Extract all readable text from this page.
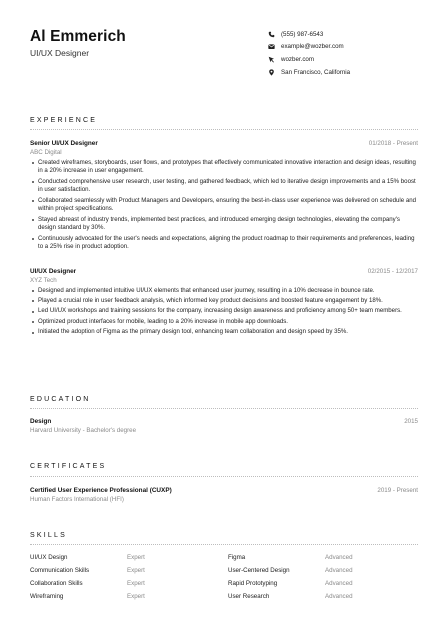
Al Emmerich
UI/UX Designer
(555) 987-6543
example@wozber.com
wozber.com
San Francisco, California
EXPERIENCE
Senior UI/UX Designer	01/2018 - Present
ABC Digital
Created wireframes, storyboards, user flows, and prototypes that effectively communicated innovative interaction and design ideas, resulting in a 20% increase in user engagement.
Conducted comprehensive user research, user testing, and gathered feedback, which led to iterative design improvements and a 15% boost in user satisfaction.
Collaborated seamlessly with Product Managers and Developers, ensuring the best-in-class user experience was delivered on schedule and within project specifications.
Stayed abreast of industry trends, implemented best practices, and introduced emerging design technologies, elevating the company's design standard by 30%.
Continuously advocated for the user's needs and expectations, aligning the product roadmap to their requirements and preferences, leading to a 25% rise in product adoption.
UI/UX Designer	02/2015 - 12/2017
XYZ Tech
Designed and implemented intuitive UI/UX elements that enhanced user journey, resulting in a 10% decrease in bounce rate.
Played a crucial role in user feedback analysis, which informed key product decisions and boosted feature engagement by 18%.
Led UI/UX workshops and training sessions for the company, increasing design awareness and proficiency among 50+ team members.
Optimized product interfaces for mobile, leading to a 20% increase in mobile app downloads.
Initiated the adoption of Figma as the primary design tool, enhancing team collaboration and design speed by 35%.
EDUCATION
Design	2015
Harvard University - Bachelor's degree
CERTIFICATES
Certified User Experience Professional (CUXP)	2019 - Present
Human Factors International (HFI)
SKILLS
UI/UX Design	Expert	Figma	Advanced
Communication Skills	Expert	User-Centered Design	Advanced
Collaboration Skills	Expert	Rapid Prototyping	Advanced
Wireframing	Expert	User Research	Advanced
